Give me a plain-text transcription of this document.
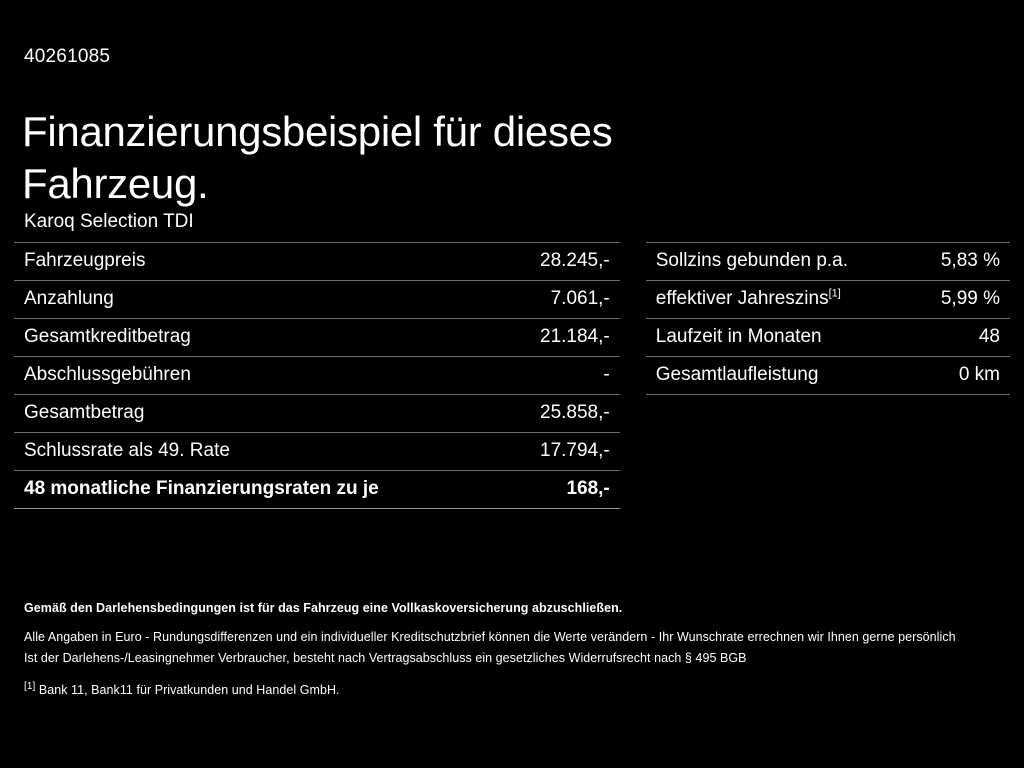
40261085
Finanzierungsbeispiel für dieses Fahrzeug.
Karoq Selection TDI
Fahrzeugpreis	28.245,-
Anzahlung	7.061,-
Gesamtkreditbetrag	21.184,-
Abschlussgebühren	-
Gesamtbetrag	25.858,-
Schlussrate als 49. Rate	17.794,-
48 monatliche Finanzierungsraten zu je	168,-
Sollzins gebunden p.a.	5,83 %
effektiver Jahreszins[1]	5,99 %
Laufzeit in Monaten	48
Gesamtlaufleistung	0 km
Gemäß den Darlehensbedingungen ist für das Fahrzeug eine Vollkaskoversicherung abzuschließen.
Alle Angaben in Euro - Rundungsdifferenzen und ein individueller Kreditschutzbrief können die Werte verändern - Ihr Wunschrate errechnen wir Ihnen gerne persönlich
Ist der Darlehens-/Leasingnehmer Verbraucher, besteht nach Vertragsabschluss ein gesetzliches Widerrufsrecht nach § 495 BGB
[1] Bank 11, Bank11 für Privatkunden und Handel GmbH.
